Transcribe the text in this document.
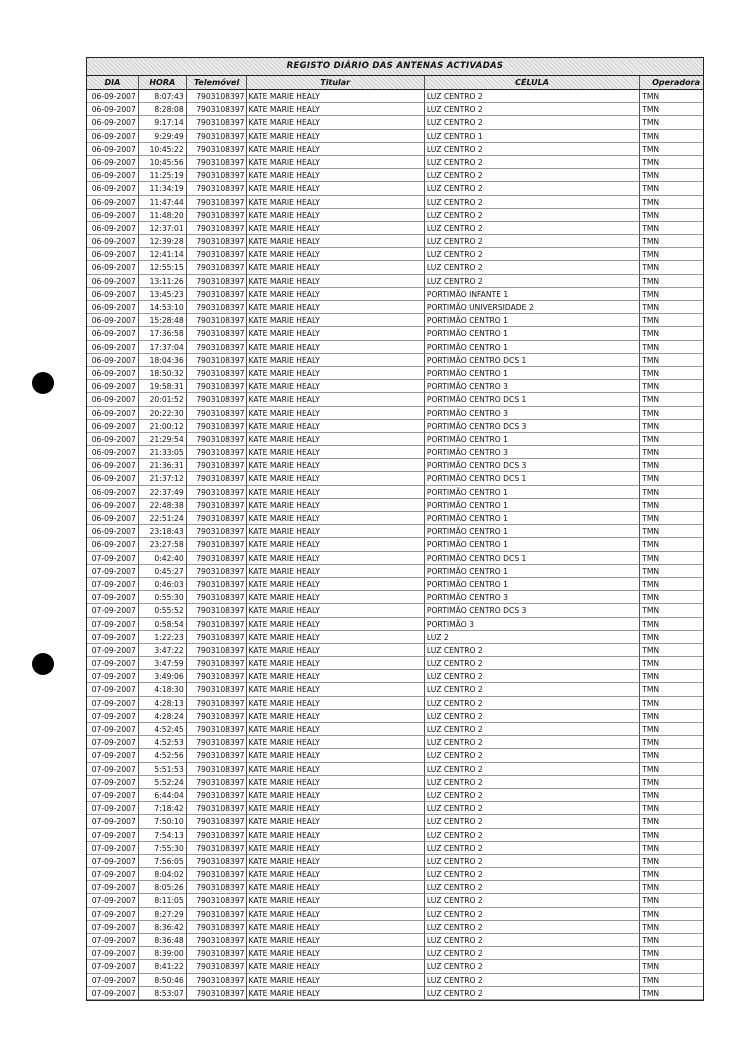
REGISTO DIÁRIO DAS ANTENAS ACTIVADAS
DIA	HORA	Telemóvel	Titular	CÉLULA	Operadora
06-09-2007	8:07:43	7903108397 KATE MARIE HEALY	LUZ CENTRO 2	TMN
06-09-2007	8:28:08	7903108397 KATE MARIE HEALY	LUZ CENTRO 2	TMN
06-09-2007	9:17:14	7903108397 KATE MARIE HEALY	LUZ CENTRO 2	TMN
06-09-2007	9:29:49	7903108397 KATE MARIE HEALY	LUZ CENTRO 1	TMN
06-09-2007	10:45:22	7903108397 KATE MARIE HEALY	LUZ CENTRO 2	TMN
06-09-2007	10:45:56	7903108397 KATE MARIE HEALY	LUZ CENTRO 2	TMN
06-09-2007	11:25:19	7903108397 KATE MARIE HEALY	LUZ CENTRO 2	TMN
06-09-2007	11:34:19	7903108397 KATE MARIE HEALY	LUZ CENTRO 2	TMN
06-09-2007	11:47:44	7903108397 KATE MARIE HEALY	LUZ CENTRO 2	TMN
06-09-2007	11:48:20	7903108397 KATE MARIE HEALY	LUZ CENTRO 2	TMN
06-09-2007	12:37:01	7903108397 KATE MARIE HEALY	LUZ CENTRO 2	TMN
06-09-2007	12:39:28	7903108397 KATE MARIE HEALY	LUZ CENTRO 2	TMN
06-09-2007	12:41:14	7903108397 KATE MARIE HEALY	LUZ CENTRO 2	TMN
06-09-2007	12:55:15	7903108397 KATE MARIE HEALY	LUZ CENTRO 2	TMN
06-09-2007	13:11:26	7903108397 KATE MARIE HEALY	LUZ CENTRO 2	TMN
06-09-2007	13:45:23	7903108397 KATE MARIE HEALY	PORTIMÃO INFANTE 1	TMN
06-09-2007	14:53:10	7903108397 KATE MARIE HEALY	PORTIMÃO UNIVERSIDADE 2	TMN
06-09-2007	15:28:48	7903108397 KATE MARIE HEALY	PORTIMÃO CENTRO 1	TMN
06-09-2007	17:36:58	7903108397 KATE MARIE HEALY	PORTIMÃO CENTRO 1	TMN
06-09-2007	17:37:04	7903108397 KATE MARIE HEALY	PORTIMÃO CENTRO 1	TMN
06-09-2007	18:04:36	7903108397 KATE MARIE HEALY	PORTIMÃO CENTRO DCS 1	TMN
06-09-2007	18:50:32	7903108397 KATE MARIE HEALY	PORTIMÃO CENTRO 1	TMN
06-09-2007	19:58:31	7903108397 KATE MARIE HEALY	PORTIMÃO CENTRO 3	TMN
06-09-2007	20:01:52	7903108397 KATE MARIE HEALY	PORTIMÃO CENTRO DCS 1	TMN
06-09-2007	20:22:30	7903108397 KATE MARIE HEALY	PORTIMÃO CENTRO 3	TMN
06-09-2007	21:00:12	7903108397 KATE MARIE HEALY	PORTIMÃO CENTRO DCS 3	TMN
06-09-2007	21:29:54	7903108397 KATE MARIE HEALY	PORTIMÃO CENTRO 1	TMN
06-09-2007	21:33:05	7903108397 KATE MARIE HEALY	PORTIMÃO CENTRO 3	TMN
06-09-2007	21:36:31	7903108397 KATE MARIE HEALY	PORTIMÃO CENTRO DCS 3	TMN
06-09-2007	21:37:12	7903108397 KATE MARIE HEALY	PORTIMÃO CENTRO DCS 1	TMN
06-09-2007	22:37:49	7903108397 KATE MARIE HEALY	PORTIMÃO CENTRO 1	TMN
06-09-2007	22:48:38	7903108397 KATE MARIE HEALY	PORTIMÃO CENTRO 1	TMN
06-09-2007	22:51:24	7903108397 KATE MARIE HEALY	PORTIMÃO CENTRO 1	TMN
06-09-2007	23:18:43	7903108397 KATE MARIE HEALY	PORTIMÃO CENTRO 1	TMN
06-09-2007	23:27:58	7903108397 KATE MARIE HEALY	PORTIMÃO CENTRO 1	TMN
07-09-2007	0:42:40	7903108397 KATE MARIE HEALY	PORTIMÃO CENTRO DCS 1	TMN
07-09-2007	0:45:27	7903108397 KATE MARIE HEALY	PORTIMÃO CENTRO 1	TMN
07-09-2007	0:46:03	7903108397 KATE MARIE HEALY	PORTIMÃO CENTRO 1	TMN
07-09-2007	0:55:30	7903108397 KATE MARIE HEALY	PORTIMÃO CENTRO 3	TMN
07-09-2007	0:55:52	7903108397 KATE MARIE HEALY	PORTIMÃO CENTRO DCS 3	TMN
07-09-2007	0:58:54	7903108397 KATE MARIE HEALY	PORTIMÃO 3	TMN
07-09-2007	1:22:23	7903108397 KATE MARIE HEALY	LUZ 2	TMN
07-09-2007	3:47:22	7903108397 KATE MARIE HEALY	LUZ CENTRO 2	TMN
07-09-2007	3:47:59	7903108397 KATE MARIE HEALY	LUZ CENTRO 2	TMN
07-09-2007	3:49:06	7903108397 KATE MARIE HEALY	LUZ CENTRO 2	TMN
07-09-2007	4:18:30	7903108397 KATE MARIE HEALY	LUZ CENTRO 2	TMN
07-09-2007	4:28:13	7903108397 KATE MARIE HEALY	LUZ CENTRO 2	TMN
07-09-2007	4:28:24	7903108397 KATE MARIE HEALY	LUZ CENTRO 2	TMN
07-09-2007	4:52:45	7903108397 KATE MARIE HEALY	LUZ CENTRO 2	TMN
07-09-2007	4:52:53	7903108397 KATE MARIE HEALY	LUZ CENTRO 2	TMN
07-09-2007	4:52:56	7903108397 KATE MARIE HEALY	LUZ CENTRO 2	TMN
07-09-2007	5:51:53	7903108397 KATE MARIE HEALY	LUZ CENTRO 2	TMN
07-09-2007	5:52:24	7903108397 KATE MARIE HEALY	LUZ CENTRO 2	TMN
07-09-2007	6:44:04	7903108397 KATE MARIE HEALY	LUZ CENTRO 2	TMN
07-09-2007	7:18:42	7903108397 KATE MARIE HEALY	LUZ CENTRO 2	TMN
07-09-2007	7:50:10	7903108397 KATE MARIE HEALY	LUZ CENTRO 2	TMN
07-09-2007	7:54:13	7903108397 KATE MARIE HEALY	LUZ CENTRO 2	TMN
07-09-2007	7:55:30	7903108397 KATE MARIE HEALY	LUZ CENTRO 2	TMN
07-09-2007	7:56:05	7903108397 KATE MARIE HEALY	LUZ CENTRO 2	TMN
07-09-2007	8:04:02	7903108397 KATE MARIE HEALY	LUZ CENTRO 2	TMN
07-09-2007	8:05:26	7903108397 KATE MARIE HEALY	LUZ CENTRO 2	TMN
07-09-2007	8:11:05	7903108397 KATE MARIE HEALY	LUZ CENTRO 2	TMN
07-09-2007	8:27:29	7903108397 KATE MARIE HEALY	LUZ CENTRO 2	TMN
07-09-2007	8:36:42	7903108397 KATE MARIE HEALY	LUZ CENTRO 2	TMN
07-09-2007	8:36:48	7903108397 KATE MARIE HEALY	LUZ CENTRO 2	TMN
07-09-2007	8:39:00	7903108397 KATE MARIE HEALY	LUZ CENTRO 2	TMN
07-09-2007	8:41:22	7903108397 KATE MARIE HEALY	LUZ CENTRO 2	TMN
07-09-2007	8:50:46	7903108397 KATE MARIE HEALY	LUZ CENTRO 2	TMN
07-09-2007	8:53:07	7903108397 KATE MARIE HEALY	LUZ CENTRO 2	TMN
